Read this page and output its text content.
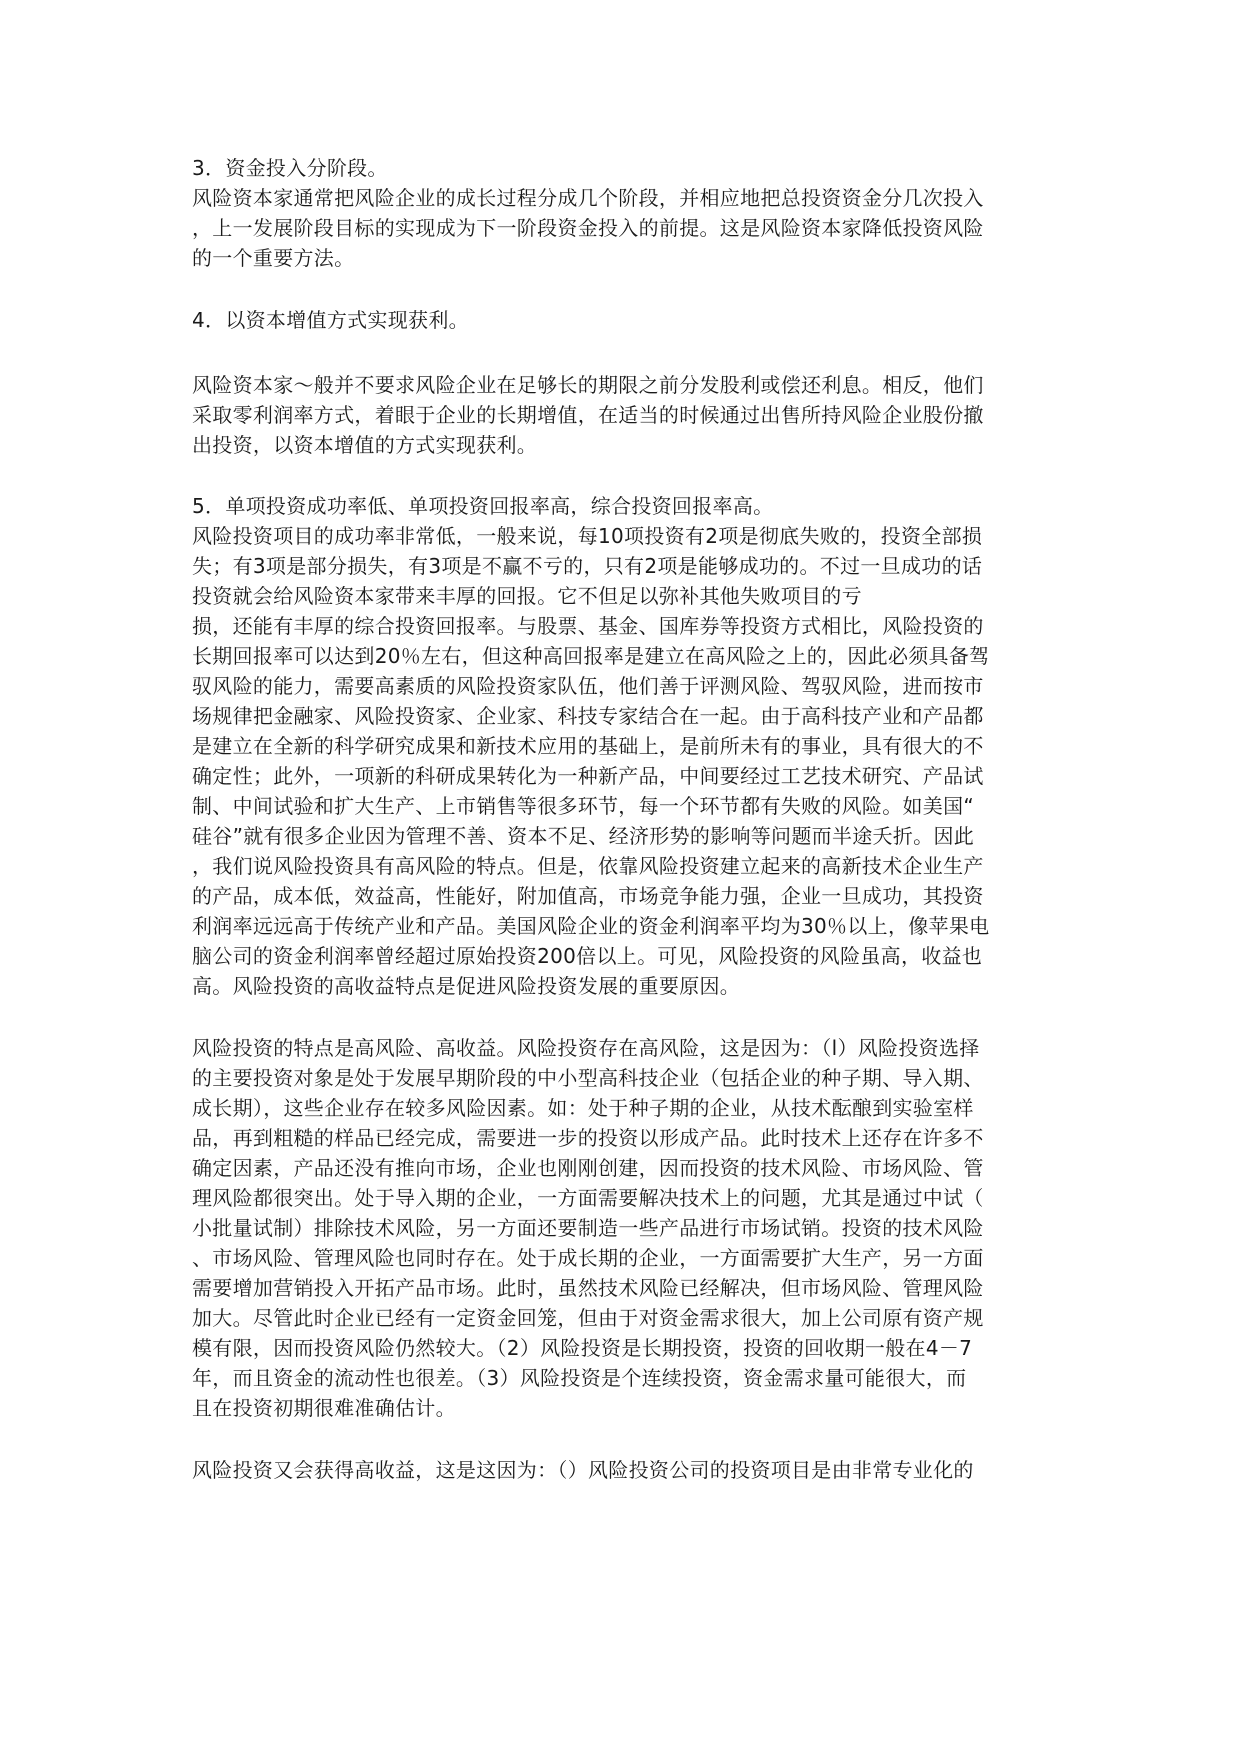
3．资金投入分阶段。
风险资本家通常把风险企业的成长过程分成几个阶段，并相应地把总投资资金分几次投入
，上一发展阶段目标的实现成为下一阶段资金投入的前提。这是风险资本家降低投资风险
的一个重要方法。
4．以资本增值方式实现获利。
风险资本家～般并不要求风险企业在足够长的期限之前分发股利或偿还利息。相反，他们
采取零利润率方式，着眼于企业的长期增值，在适当的时候通过出售所持风险企业股份撤
出投资，以资本增值的方式实现获利。
5．单项投资成功率低、单项投资回报率高，综合投资回报率高。
风险投资项目的成功率非常低，一般来说，每10项投资有2项是彻底失败的，投资全部损
失；有3项是部分损失，有3项是不赢不亏的，只有2项是能够成功的。不过一旦成功的话
投资就会给风险资本家带来丰厚的回报。它不但足以弥补其他失败项目的亏
损，还能有丰厚的综合投资回报率。与股票、基金、国库券等投资方式相比，风险投资的
长期回报率可以达到20％左右，但这种高回报率是建立在高风险之上的，因此必须具备驾
驭风险的能力，需要高素质的风险投资家队伍，他们善于评测风险、驾驭风险，进而按市
场规律把金融家、风险投资家、企业家、科技专家结合在一起。由于高科技产业和产品都
是建立在全新的科学研究成果和新技术应用的基础上，是前所未有的事业，具有很大的不
确定性；此外，一项新的科研成果转化为一种新产品，中间要经过工艺技术研究、产品试
制、中间试验和扩大生产、上市销售等很多环节，每一个环节都有失败的风险。如美国“
硅谷”就有很多企业因为管理不善、资本不足、经济形势的影响等问题而半途夭折。因此
，我们说风险投资具有高风险的特点。但是，依靠风险投资建立起来的高新技术企业生产
的产品，成本低，效益高，性能好，附加值高，市场竞争能力强，企业一旦成功，其投资
利润率远远高于传统产业和产品。美国风险企业的资金利润率平均为30％以上，像苹果电
脑公司的资金利润率曾经超过原始投资200倍以上。可见，风险投资的风险虽高，收益也
高。风险投资的高收益特点是促进风险投资发展的重要原因。
风险投资的特点是高风险、高收益。风险投资存在高风险，这是因为：（l）风险投资选择
的主要投资对象是处于发展早期阶段的中小型高科技企业（包括企业的种子期、导入期、
成长期），这些企业存在较多风险因素。如：处于种子期的企业，从技术酝酿到实验室样
品，再到粗糙的样品已经完成，需要进一步的投资以形成产品。此时技术上还存在许多不
确定因素，产品还没有推向市场，企业也刚刚创建，因而投资的技术风险、市场风险、管
理风险都很突出。处于导入期的企业，一方面需要解决技术上的问题，尤其是通过中试（
小批量试制）排除技术风险，另一方面还要制造一些产品进行市场试销。投资的技术风险
、市场风险、管理风险也同时存在。处于成长期的企业，一方面需要扩大生产，另一方面
需要增加营销投入开拓产品市场。此时，虽然技术风险已经解决，但市场风险、管理风险
加大。尽管此时企业已经有一定资金回笼，但由于对资金需求很大，加上公司原有资产规
模有限，因而投资风险仍然较大。（2）风险投资是长期投资，投资的回收期一般在4－7
年，而且资金的流动性也很差。（3）风险投资是个连续投资，资金需求量可能很大，而
且在投资初期很难准确估计。
风险投资又会获得高收益，这是这因为：（）风险投资公司的投资项目是由非常专业化的
